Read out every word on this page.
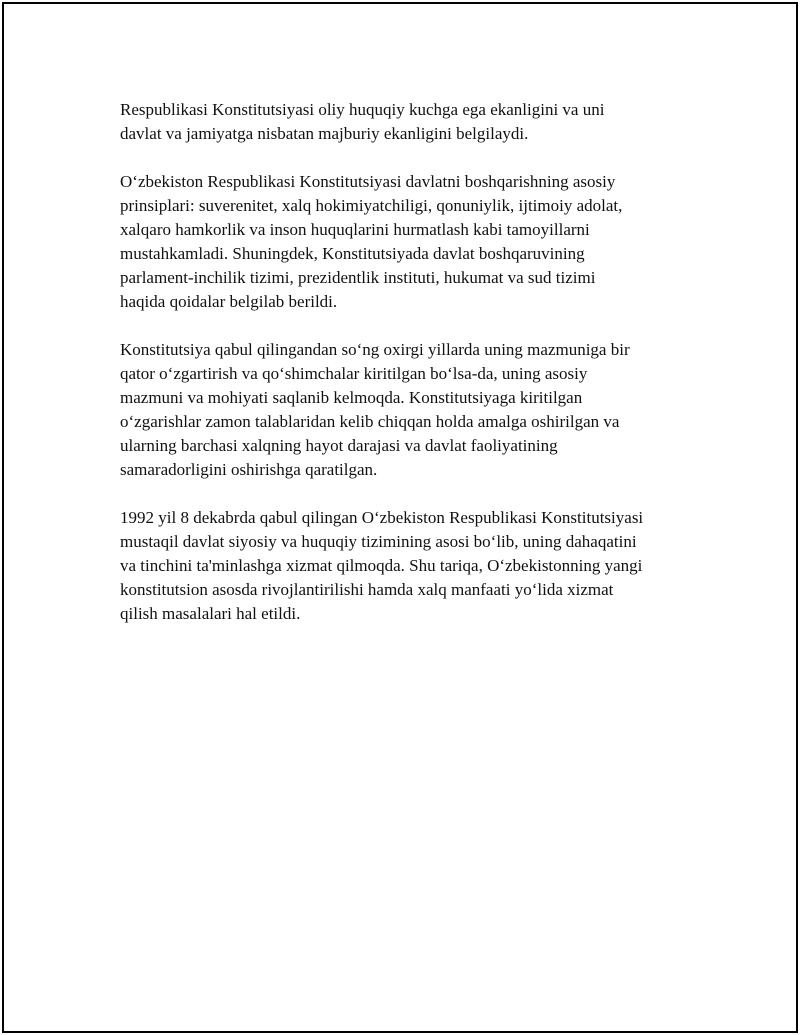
Respublikasi Konstitutsiyasi oliy huquqiy kuchga ega ekanligini va uni
davlat va jamiyatga nisbatan majburiy ekanligini belgilaydi.

O‘zbekiston Respublikasi Konstitutsiyasi davlatni boshqarishning asosiy
prinsiplari: suverenitet, xalq hokimiyatchiligi, qonuniylik, ijtimoiy adolat,
xalqaro hamkorlik va inson huquqlarini hurmatlash kabi tamoyillarni
mustahkamladi. Shuningdek, Konstitutsiyada davlat boshqaruvining
parlament-inchilik tizimi, prezidentlik instituti, hukumat va sud tizimi
haqida qoidalar belgilab berildi.

Konstitutsiya qabul qilingandan so‘ng oxirgi yillarda uning mazmuniga bir
qator o‘zgartirish va qo‘shimchalar kiritilgan bo‘lsa-da, uning asosiy
mazmuni va mohiyati saqlanib kelmoqda. Konstitutsiyaga kiritilgan
o‘zgarishlar zamon talablaridan kelib chiqqan holda amalga oshirilgan va
ularning barchasi xalqning hayot darajasi va davlat faoliyatining
samaradorligini oshirishga qaratilgan.

1992 yil 8 dekabrda qabul qilingan O‘zbekiston Respublikasi Konstitutsiyasi
mustaqil davlat siyosiy va huquqiy tizimining asosi bo‘lib, uning dahaqatini
va tinchini ta'minlashga xizmat qilmoqda. Shu tariqa, O‘zbekistonning yangi
konstitutsion asosda rivojlantirilishi hamda xalq manfaati yo‘lida xizmat
qilish masalalari hal etildi.
